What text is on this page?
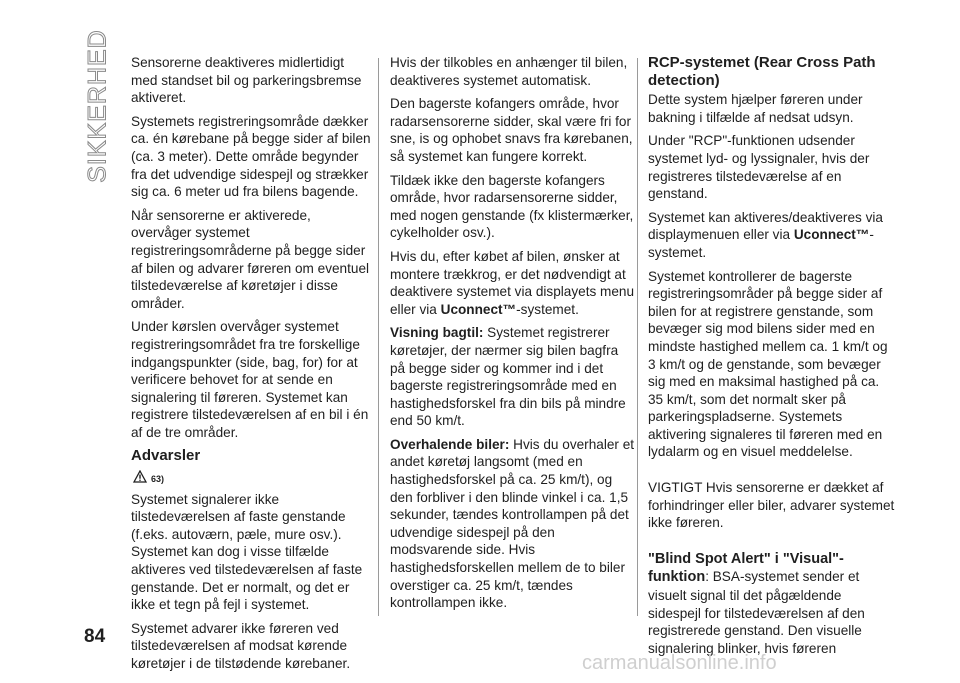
SIKKERHED Sensorerne deaktiveres midlertidigt med standset bil og parkeringsbremse aktiveret.

Systemets registreringsområde dækker ca. én kørebane på begge sider af bilen (ca. 3 meter). Dette område begynder fra det udvendige sidespejl og strækker sig ca. 6 meter ud fra bilens bagende.

Når sensorerne er aktiverede, overvåger systemet registreringsområderne på begge sider af bilen og advarer føreren om eventuel tilstedeværelse af køretøjer i disse områder.

Under kørslen overvåger systemet registreringsområdet fra tre forskellige indgangspunkter (side, bag, for) for at verificere behovet for at sende en signalering til føreren. Systemet kan registrere tilstedeværelsen af en bil i én af de tre områder.

Advarsler
63)

Systemet signalerer ikke tilstedeværelsen af faste genstande (f.eks. autoværn, pæle, mure osv.). Systemet kan dog i visse tilfælde aktiveres ved tilstedeværelsen af faste genstande. Det er normalt, og det er ikke et tegn på fejl i systemet.

Systemet advarer ikke føreren ved tilstedeværelsen af modsat kørende køretøjer i de tilstødende kørebaner.

Hvis der tilkobles en anhænger til bilen, deaktiveres systemet automatisk.

Den bagerste kofangers område, hvor radarsensorerne sidder, skal være fri for sne, is og ophobet snavs fra kørebanen, så systemet kan fungere korrekt.

Tildæk ikke den bagerste kofangers område, hvor radarsensorerne sidder, med nogen genstande (fx klistermærker, cykelholder osv.).

Hvis du, efter købet af bilen, ønsker at montere trækkrog, er det nødvendigt at deaktivere systemet via displayets menu eller via Uconnect™-systemet.

Visning bagtil: Systemet registrerer køretøjer, der nærmer sig bilen bagfra på begge sider og kommer ind i det bagerste registreringsområde med en hastighedsforskel fra din bils på mindre end 50 km/t.

Overhalende biler: Hvis du overhaler et andet køretøj langsomt (med en hastighedsforskel på ca. 25 km/t), og den forbliver i den blinde vinkel i ca. 1,5 sekunder, tændes kontrollampen på det udvendige sidespejl på den modsvarende side. Hvis hastighedsforskellen mellem de to biler overstiger ca. 25 km/t, tændes kontrollampen ikke.

RCP-systemet (Rear Cross Path detection)

Dette system hjælper føreren under bakning i tilfælde af nedsat udsyn.

Under "RCP"-funktionen udsender systemet lyd- og lyssignaler, hvis der registreres tilstedeværelse af en genstand.

Systemet kan aktiveres/deaktiveres via displaymenuen eller via Uconnect™-systemet.

Systemet kontrollerer de bagerste registreringsområder på begge sider af bilen for at registrere genstande, som bevæger sig mod bilens sider med en mindste hastighed mellem ca. 1 km/t og 3 km/t og de genstande, som bevæger sig med en maksimal hastighed på ca. 35 km/t, som det normalt sker på parkeringspladserne. Systemets aktivering signaleres til føreren med en lydalarm og en visuel meddelelse.

VIGTIGT Hvis sensorerne er dækket af forhindringer eller biler, advarer systemet ikke føreren.

"Blind Spot Alert" i "Visual"-funktion: BSA-systemet sender et visuelt signal til det pågældende sidespejl for tilstedeværelsen af den registrerede genstand. Den visuelle signalering blinker, hvis føreren

84
carmanualsonline.info
